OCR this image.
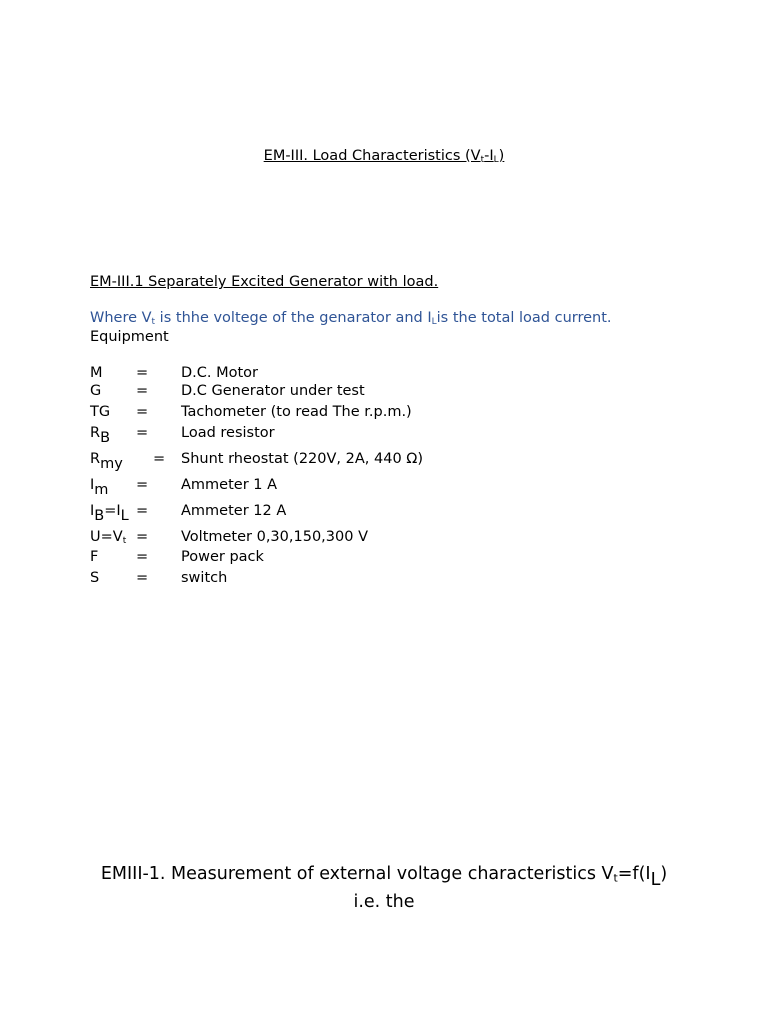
EM-III. Load Characteristics $(V_t-I_L)$
EM-III.1 Separately Excited Generator with load.
Where $V_t$ is thhe voltege of the genarator and $I_Lis$ the total load current.
Equipment
M = D.C. Motor
G = D.C Generator under test
TG = Tachometer (to read The r.p.m.)
RB = Load resistor
Rmy = Shunt rheostat (220V, 2A, 440 Ω)
Im = Ammeter 1 A
IB=IL = Ammeter 12 A
$U=V_t$ = Voltmeter 0,30,150,300 V
F	= Power pack
S	= switch
EMIII-1. Measurement of external voltage characteristics $V_t=f(IL)$
i.e. the
